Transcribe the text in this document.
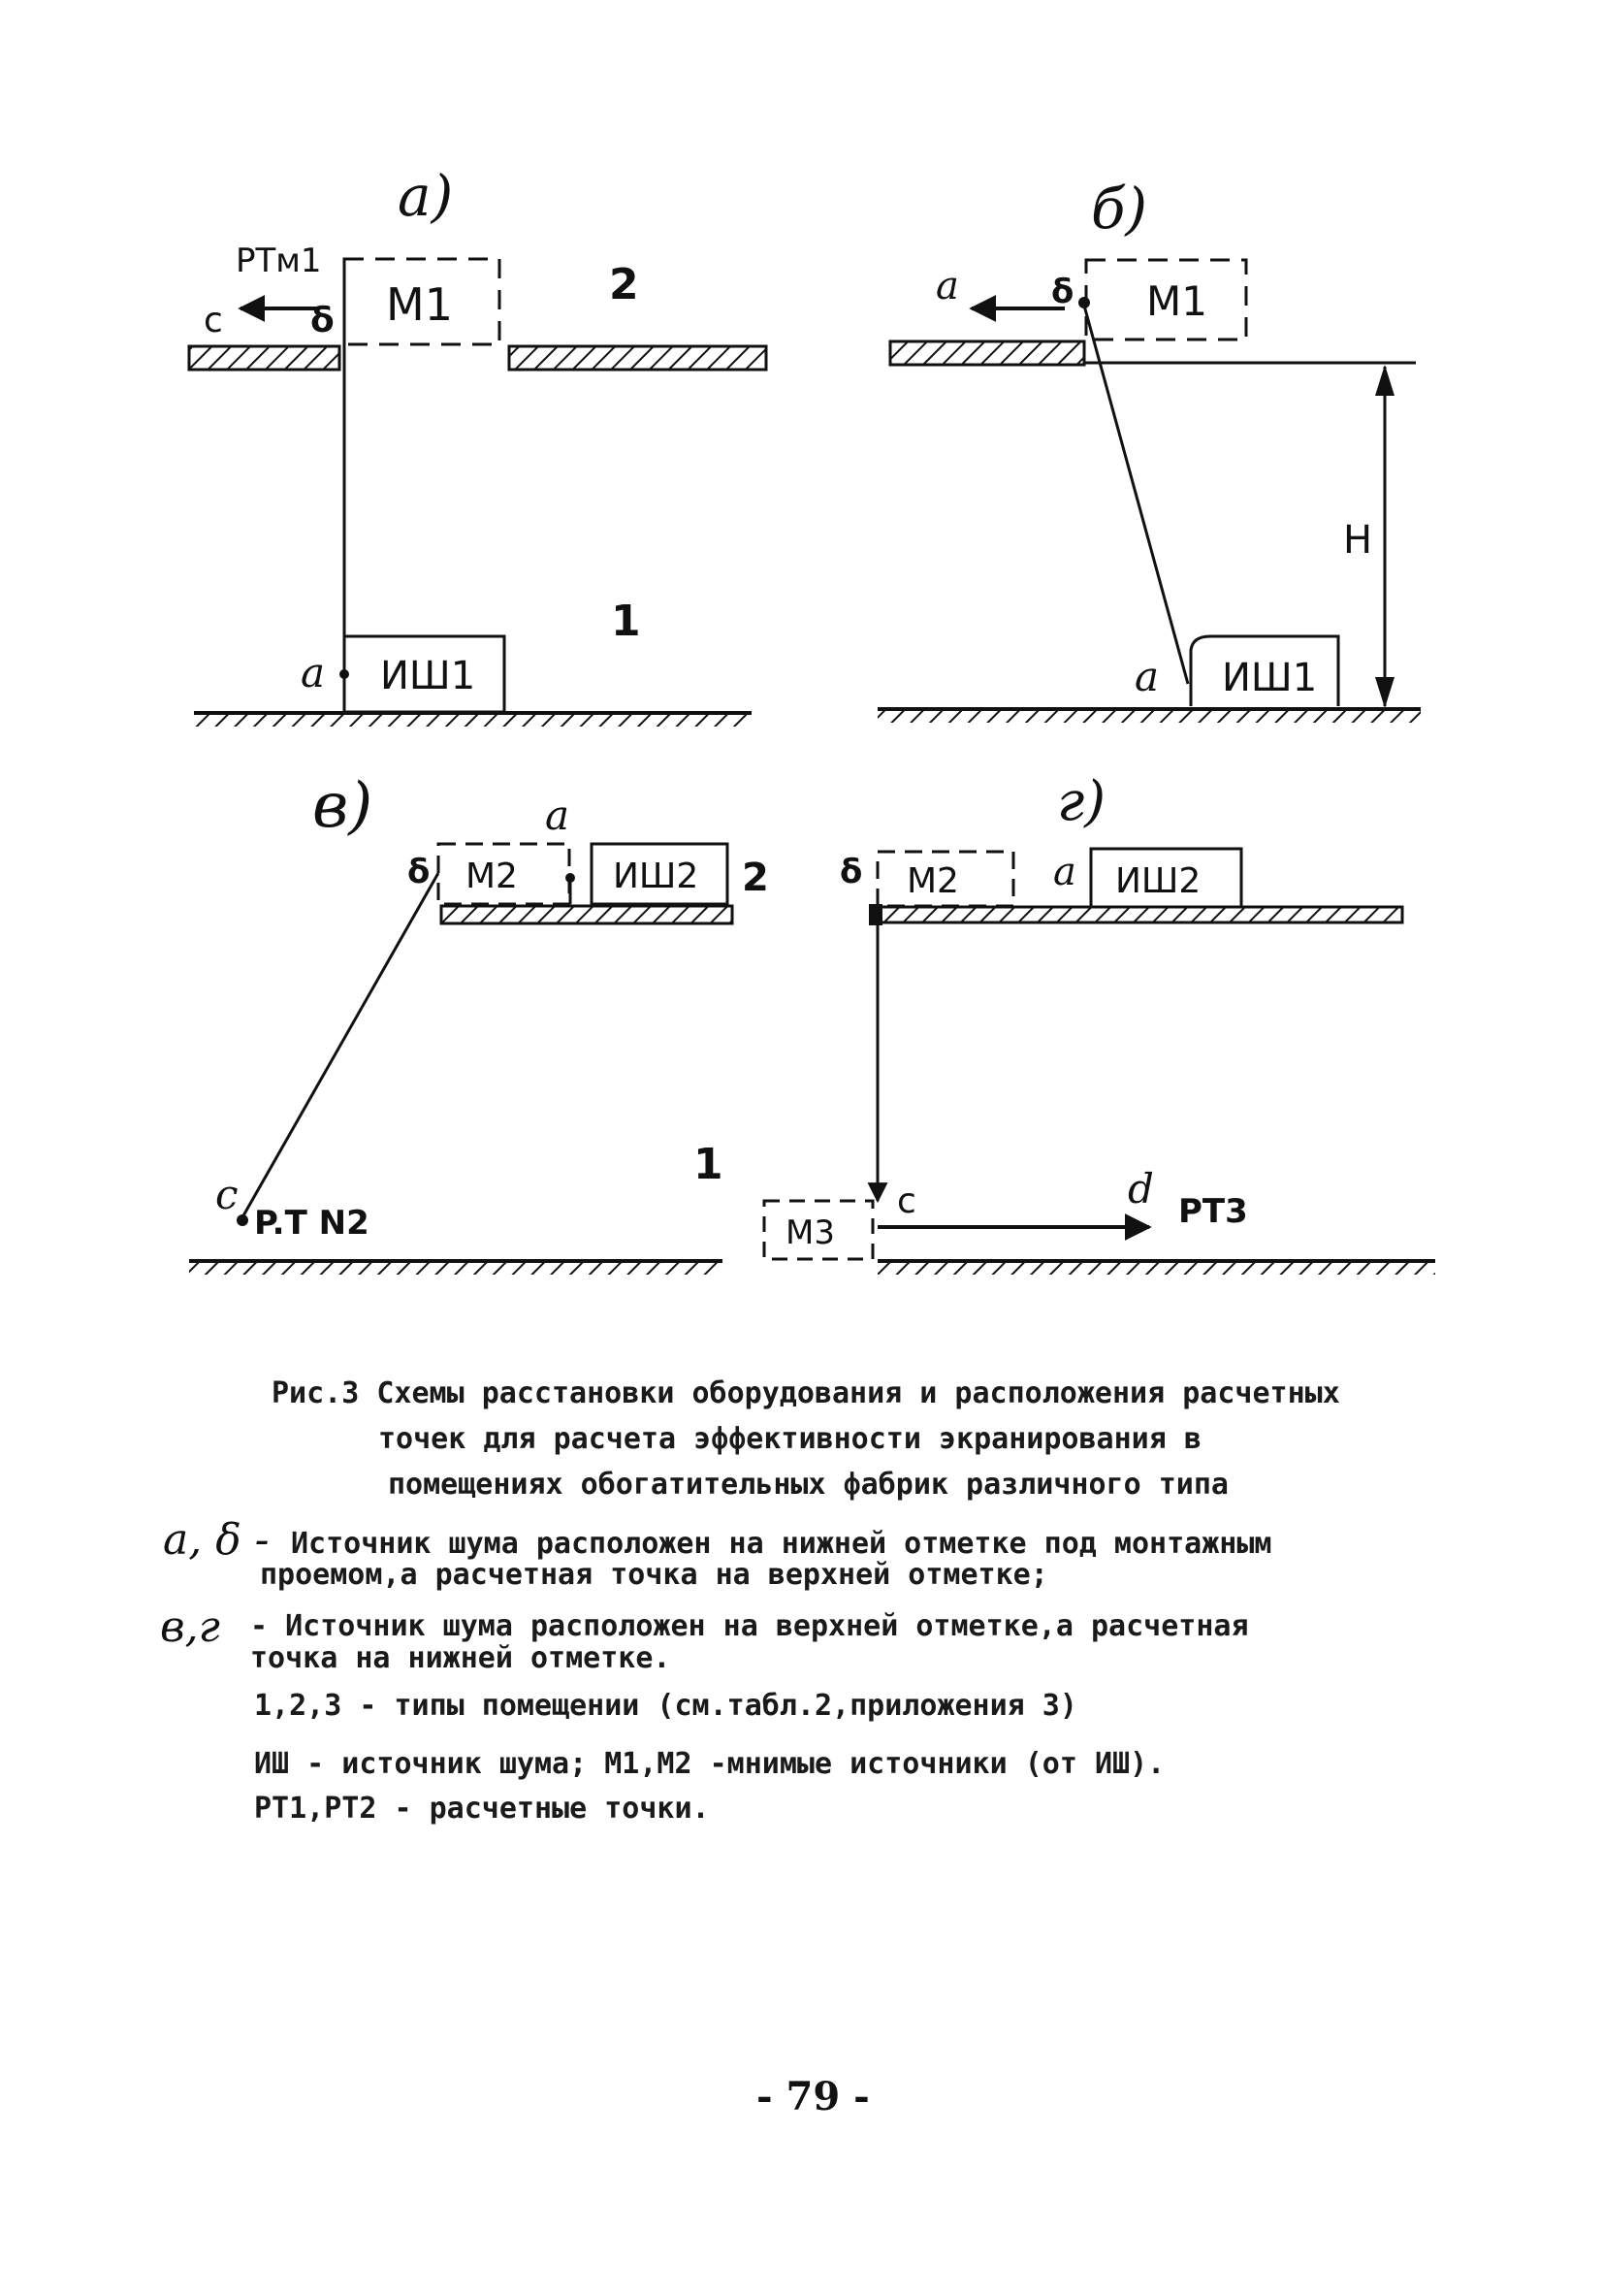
а)
M1
c	δ
PTм1	2
1
ИШ1
a
б)
M1
a	δ
H
ИШ1
a
в)	a
M2	ИШ2
δ	2
c
P.T N2
1
г)
δ M2 a ИШ2
c	d PT3
M3
Рис.3 Схемы расстановки оборудования и расположения расчетных
точек для расчета эффективности экранирования в
помещениях обогатительных фабрик различного типа
а, δ - Источник шума расположен на нижней отметке под монтажным
проемом,а расчетная точка на верхней отметке;
в,г - Источник шума расположен на верхней отметке,а расчетная
точка на нижней отметке.
1,2,3 - типы помещении (см.табл.2,приложения 3)
ИШ - источник шума; М1,М2 -мнимые источники (от ИШ).
РТ1,РТ2 - расчетные точки.
- 79 -
